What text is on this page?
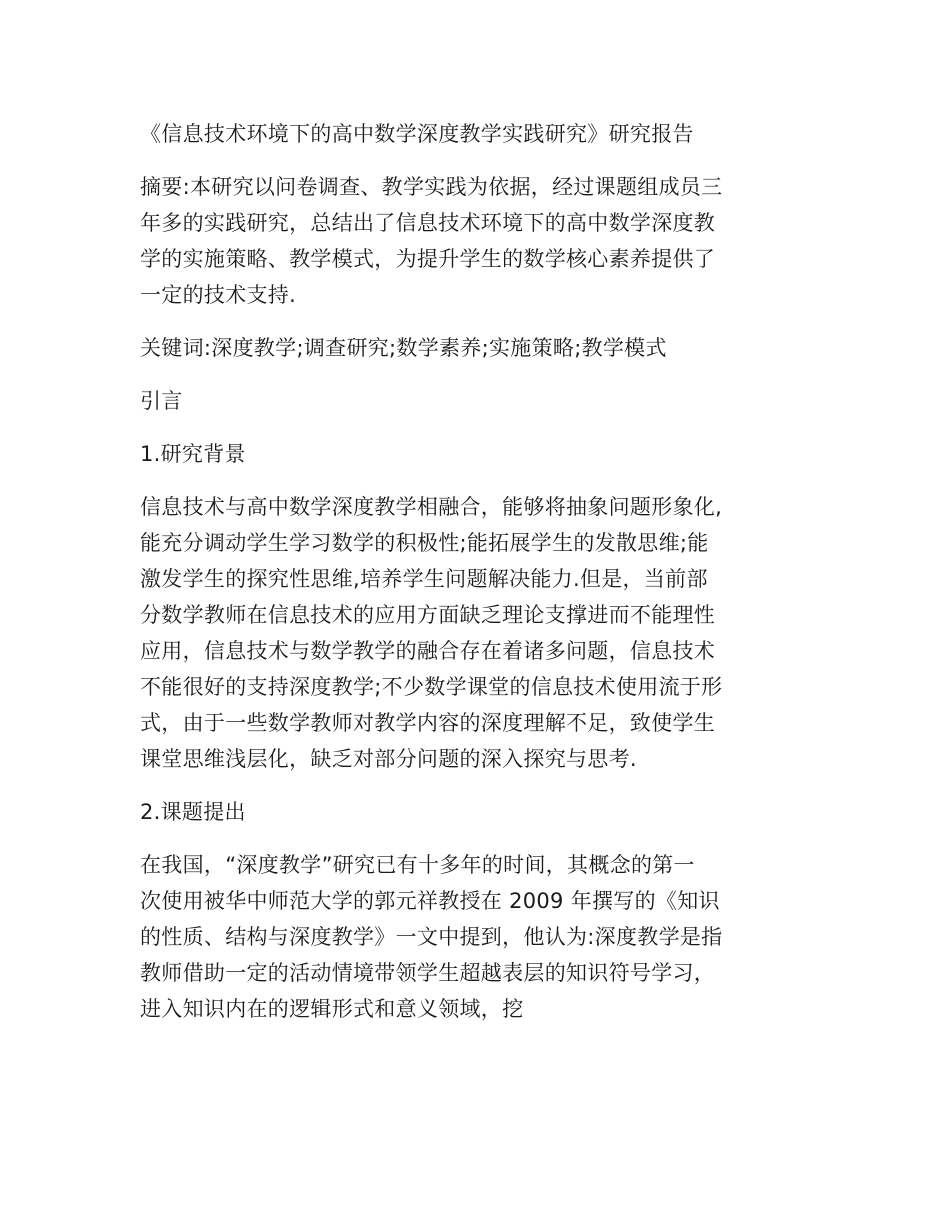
《信息技术环境下的高中数学深度教学实践研究》研究报告

摘要:本研究以问卷调查、教学实践为依据，经过课题组成员三
年多的实践研究，总结出了信息技术环境下的高中数学深度教
学的实施策略、教学模式，为提升学生的数学核心素养提供了
一定的技术支持.

关键词:深度教学;调查研究;数学素养;实施策略;教学模式

引言

1.研究背景

信息技术与高中数学深度教学相融合，能够将抽象问题形象化,
能充分调动学生学习数学的积极性;能拓展学生的发散思维;能
激发学生的探究性思维,培养学生问题解决能力.但是，当前部
分数学教师在信息技术的应用方面缺乏理论支撑进而不能理性
应用，信息技术与数学教学的融合存在着诸多问题，信息技术
不能很好的支持深度教学;不少数学课堂的信息技术使用流于形
式，由于一些数学教师对教学内容的深度理解不足，致使学生
课堂思维浅层化，缺乏对部分问题的深入探究与思考.

2.课题提出

在我国，“深度教学”研究已有十多年的时间，其概念的第一
次使用被华中师范大学的郭元祥教授在 2009 年撰写的《知识
的性质、结构与深度教学》一文中提到，他认为:深度教学是指
教师借助一定的活动情境带领学生超越表层的知识符号学习，
进入知识内在的逻辑形式和意义领域，挖
